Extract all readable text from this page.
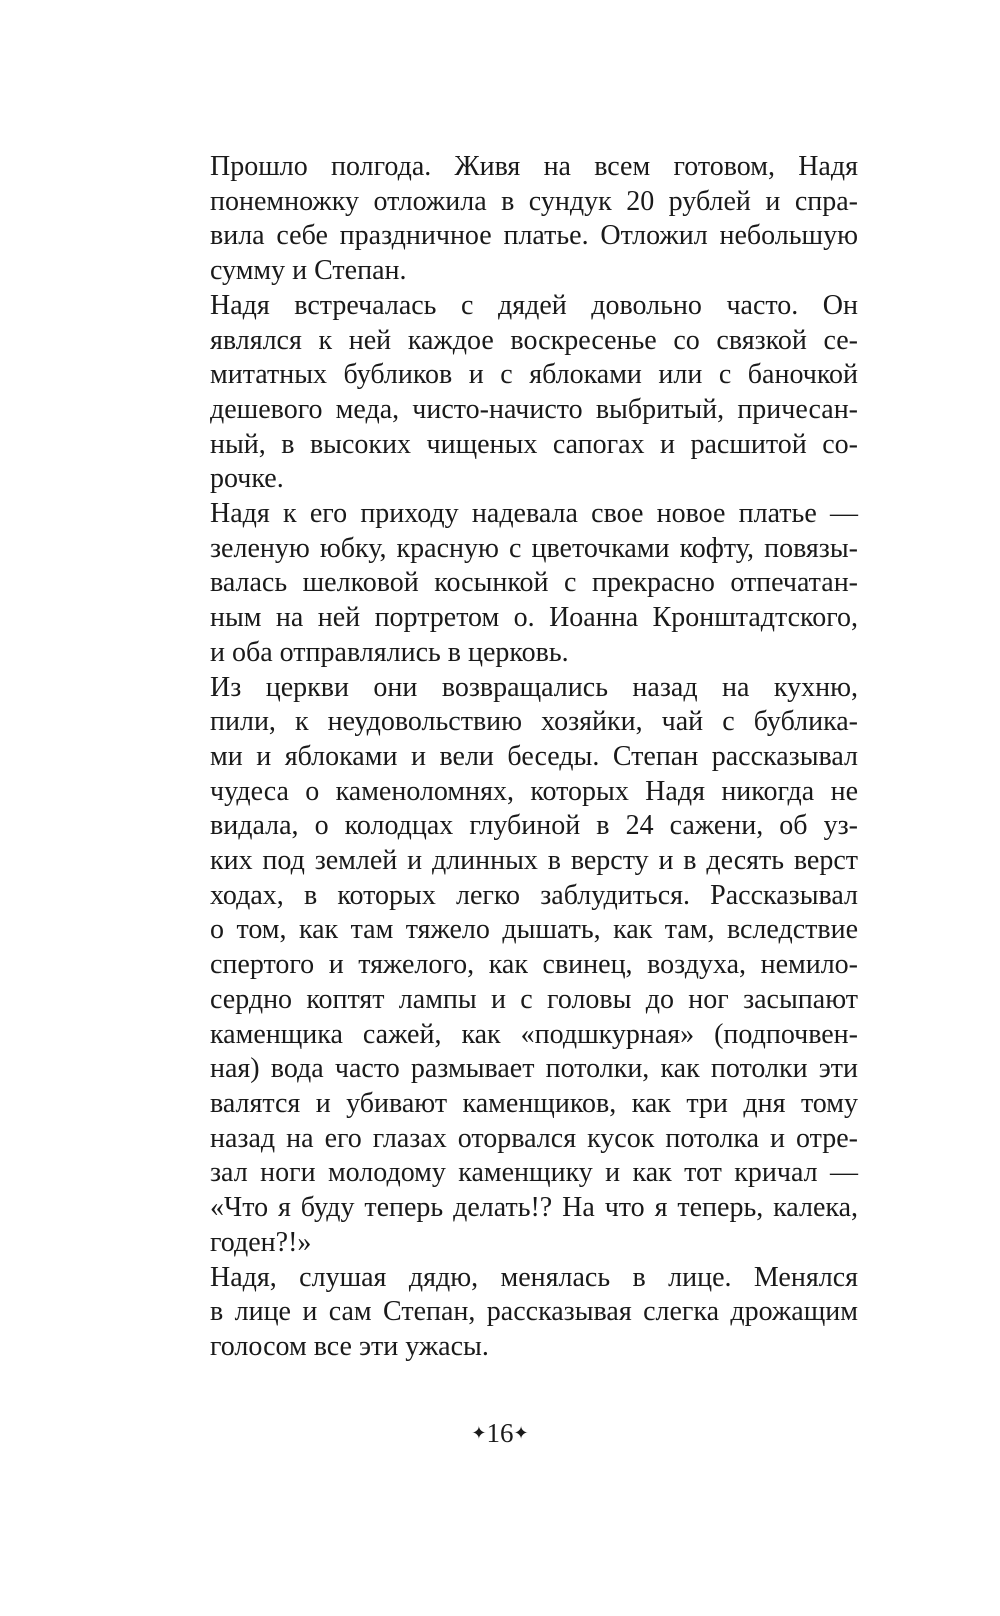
Прошло полгода. Живя на всем готовом, Надя
понемножку отложила в сундук 20 рублей и спра-
вила себе праздничное платье. Отложил небольшую
сумму и Степан.

Надя встречалась с дядей довольно часто. Он
являлся к ней каждое воскресенье со связкой се-
митатных бубликов и с яблоками или с баночкой
дешевого меда, чисто-начисто выбритый, причесан-
ный, в высоких чищеных сапогах и расшитой со-
рочке.

Надя к его приходу надевала свое новое платье —
зеленую юбку, красную с цветочками кофту, повязы-
валась шелковой косынкой с прекрасно отпечатан-
ным на ней портретом о. Иоанна Кронштадтского,
и оба отправлялись в церковь.

Из церкви они возвращались назад на кухню,
пили, к неудовольствию хозяйки, чай с бублика-
ми и яблоками и вели беседы. Степан рассказывал
чудеса о каменоломнях, которых Надя никогда не
видала, о колодцах глубиной в 24 сажени, об уз-
ких под землей и длинных в версту и в десять верст
ходах, в которых легко заблудиться. Рассказывал
о том, как там тяжело дышать, как там, вследствие
спертого и тяжелого, как свинец, воздуха, немило-
сердно коптят лампы и с головы до ног засыпают
каменщика сажей, как «подшкурная» (подпочвен-
ная) вода часто размывает потолки, как потолки эти
валятся и убивают каменщиков, как три дня тому
назад на его глазах оторвался кусок потолка и отре-
зал ноги молодому каменщику и как тот кричал —
«Что я буду теперь делать!? На что я теперь, калека,
годен?!»

Надя, слушая дядю, менялась в лице. Менялся
в лице и сам Степан, рассказывая слегка дрожащим
голосом все эти ужасы.

✦16✦
